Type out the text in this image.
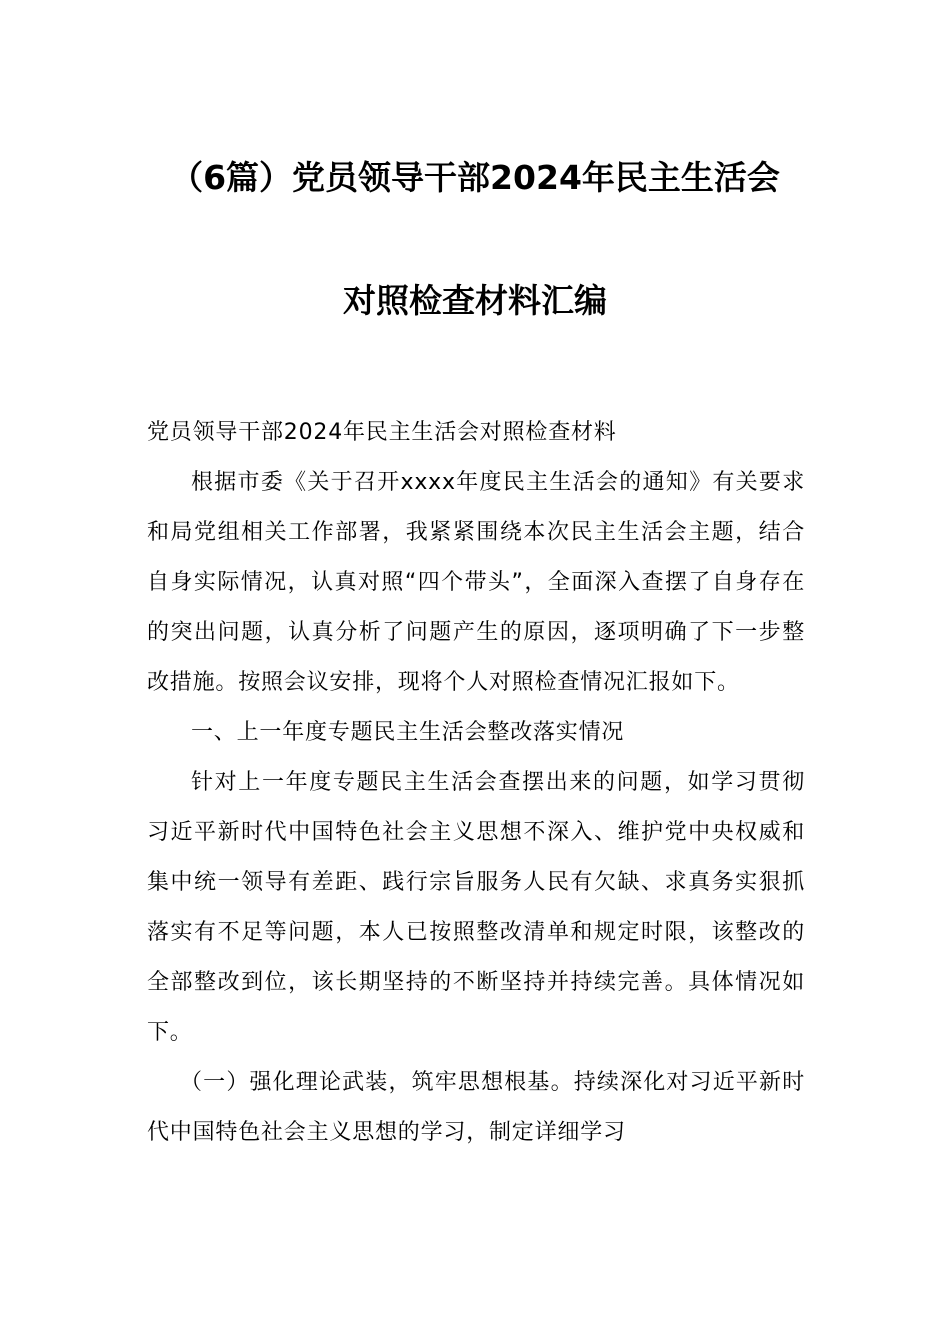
（6篇）党员领导干部2024年民主生活会
对照检查材料汇编

党员领导干部2024年民主生活会对照检查材料

根据市委《关于召开xxxx年度民主生活会的通知》有关要求和局党组相关工作部署，我紧紧围绕本次民主生活会主题，结合自身实际情况，认真对照“四个带头”，全面深入查摆了自身存在的突出问题，认真分析了问题产生的原因，逐项明确了下一步整改措施。按照会议安排，现将个人对照检查情况汇报如下。

一、上一年度专题民主生活会整改落实情况

针对上一年度专题民主生活会查摆出来的问题，如学习贯彻习近平新时代中国特色社会主义思想不深入、维护党中央权威和集中统一领导有差距、践行宗旨服务人民有欠缺、求真务实狠抓落实有不足等问题，本人已按照整改清单和规定时限，该整改的全部整改到位，该长期坚持的不断坚持并持续完善。具体情况如下。

（一）强化理论武装，筑牢思想根基。持续深化对习近平新时代中国特色社会主义思想的学习，制定详细学习
